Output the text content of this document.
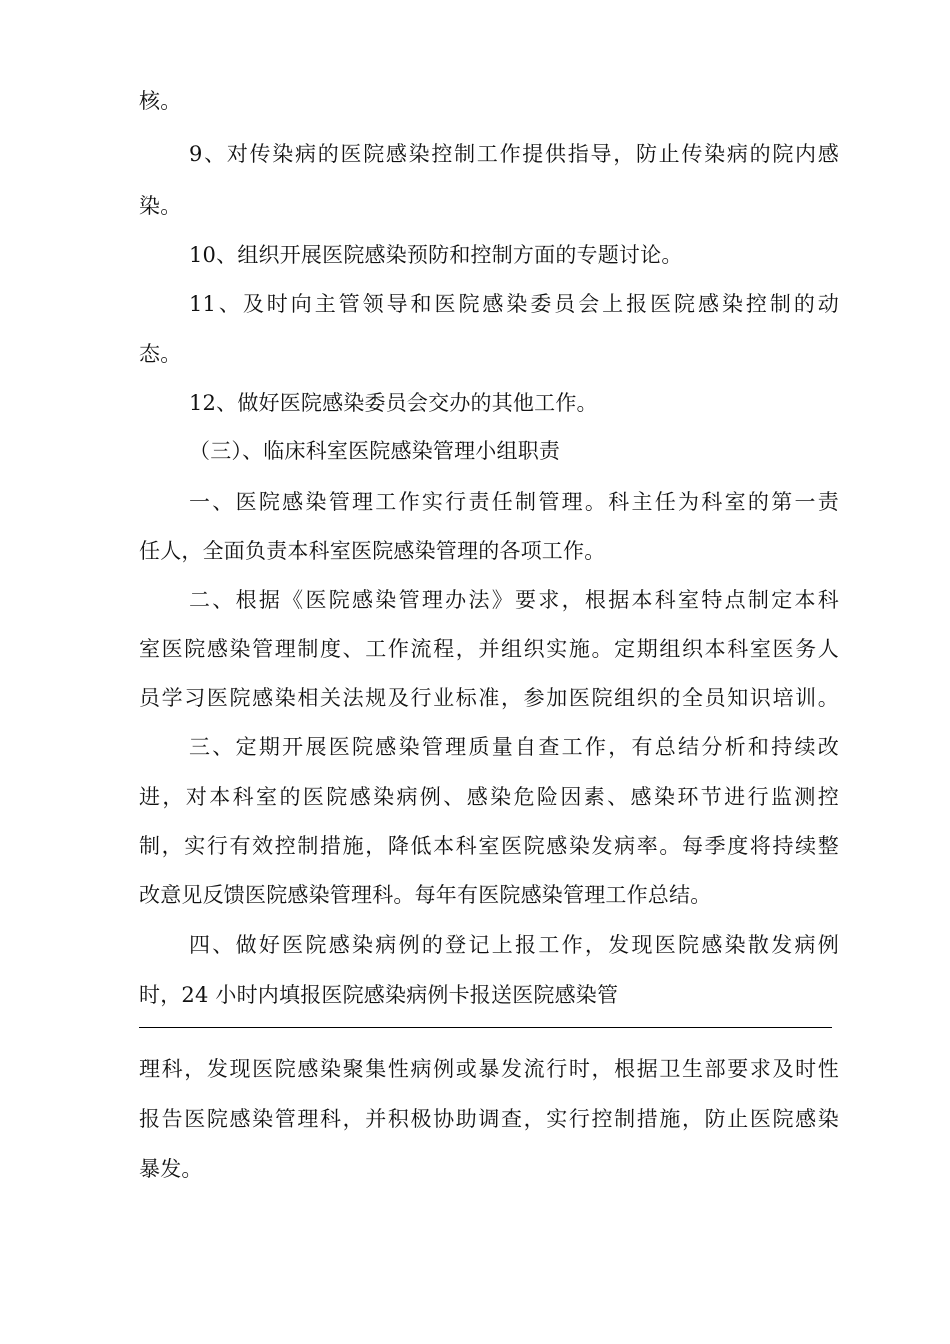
核。
9、对传染病的医院感染控制工作提供指导，防止传染病的院内感
染。
10、组织开展医院感染预防和控制方面的专题讨论。
11、及时向主管领导和医院感染委员会上报医院感染控制的动
态。
12、做好医院感染委员会交办的其他工作。
（三）、临床科室医院感染管理小组职责
一、医院感染管理工作实行责任制管理。科主任为科室的第一责
任人，全面负责本科室医院感染管理的各项工作。
二、根据《医院感染管理办法》要求，根据本科室特点制定本科
室医院感染管理制度、工作流程，并组织实施。定期组织本科室医务人
员学习医院感染相关法规及行业标准，参加医院组织的全员知识培训。
三、定期开展医院感染管理质量自查工作，有总结分析和持续改
进，对本科室的医院感染病例、感染危险因素、感染环节进行监测控
制，实行有效控制措施，降低本科室医院感染发病率。每季度将持续整
改意见反馈医院感染管理科。每年有医院感染管理工作总结。
四、做好医院感染病例的登记上报工作，发现医院感染散发病例
时，24 小时内填报医院感染病例卡报送医院感染管
理科，发现医院感染聚集性病例或暴发流行时，根据卫生部要求及时性
报告医院感染管理科，并积极协助调查，实行控制措施，防止医院感染
暴发。
